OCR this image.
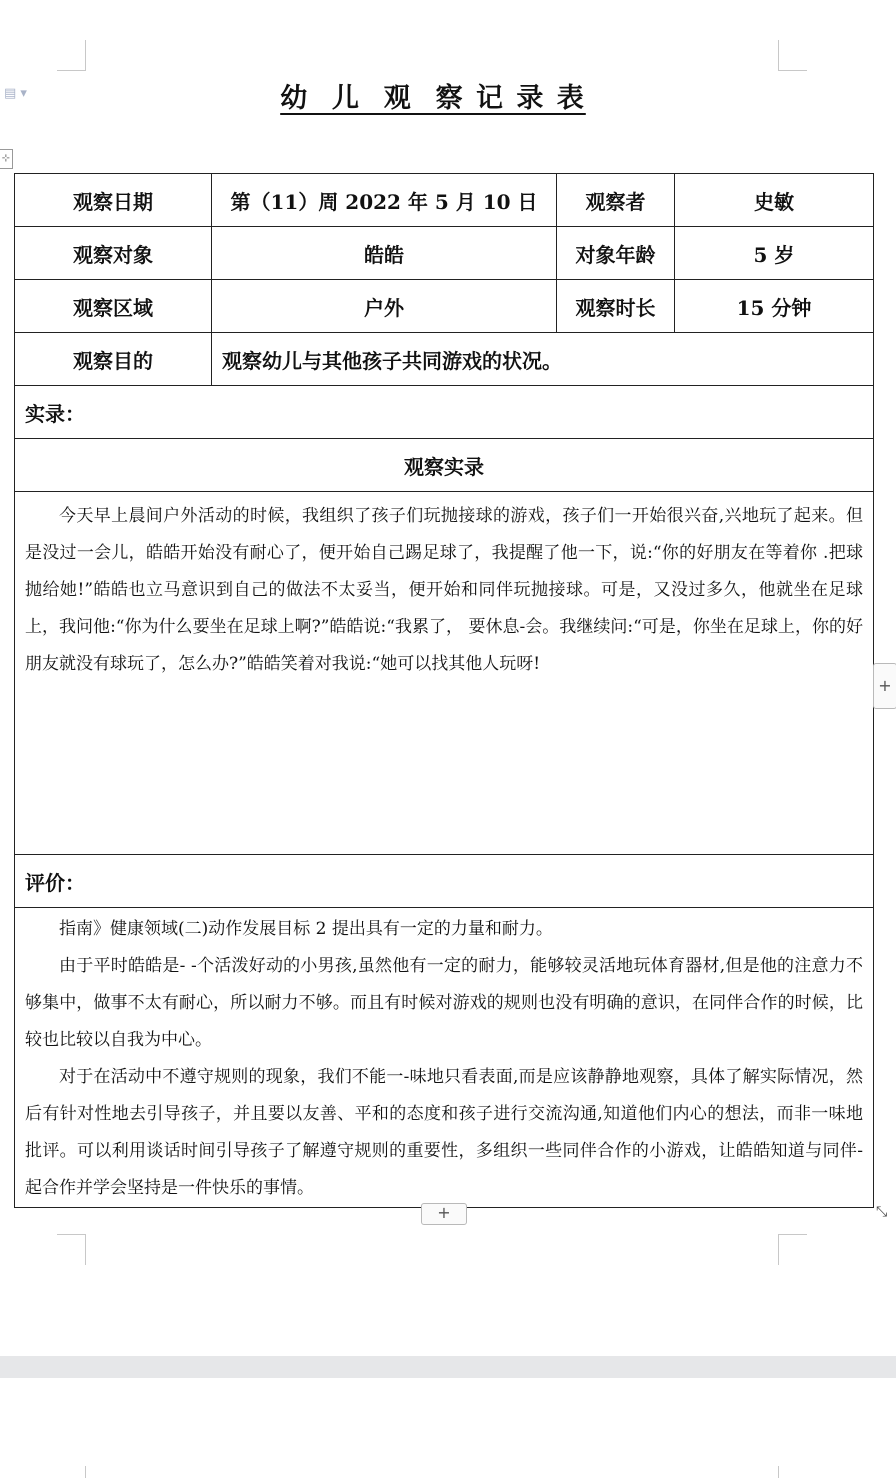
▤ ▾
⊹
幼  儿  观  察 记 录 表
观察日期	第（11）周 2022 年 5 月 10 日	观察者	史敏
观察对象	皓皓	对象年龄	5 岁
观察区域	户外	观察时长	15 分钟
观察目的	观察幼儿与其他孩子共同游戏的状况。		
实录：			
观察实录			

今天早上晨间户外活动的时候，我组织了孩子们玩抛接球的游戏，孩子们一开始很兴奋,兴地玩了起来。但是没过一会儿，皓皓开始没有耐心了，便开始自己踢足球了，我提醒了他一下，说:“你的好朋友在等着你 .把球抛给她!”皓皓也立马意识到自己的做法不太妥当，便开始和同伴玩抛接球。可是，又没过多久，他就坐在足球上，我问他:“你为什么要坐在足球上啊?”皓皓说:“我累了， 要休息-会。我继续问:“可是，你坐在足球上，你的好朋友就没有球玩了，怎么办?”皓皓笑着对我说:“她可以找其他人玩呀!			

评价：			

指南》健康领域(二)动作发展目标 2 提出具有一定的力量和耐力。

由于平时皓皓是- -个活泼好动的小男孩,虽然他有一定的耐力，能够较灵活地玩体育器材,但是他的注意力不够集中，做事不太有耐心，所以耐力不够。而且有时候对游戏的规则也没有明确的意识，在同伴合作的时候，比较也比较以自我为中心。

对于在活动中不遵守规则的现象，我们不能一-味地只看表面,而是应该静静地观察，具体了解实际情况，然后有针对性地去引导孩子，并且要以友善、平和的态度和孩子进行交流沟通,知道他们内心的想法，而非一味地批评。可以利用谈话时间引导孩子了解遵守规则的重要性，多组织一些同伴合作的小游戏，让皓皓知道与同伴-起合作并学会坚持是一件快乐的事情。			

+
+	⤡
